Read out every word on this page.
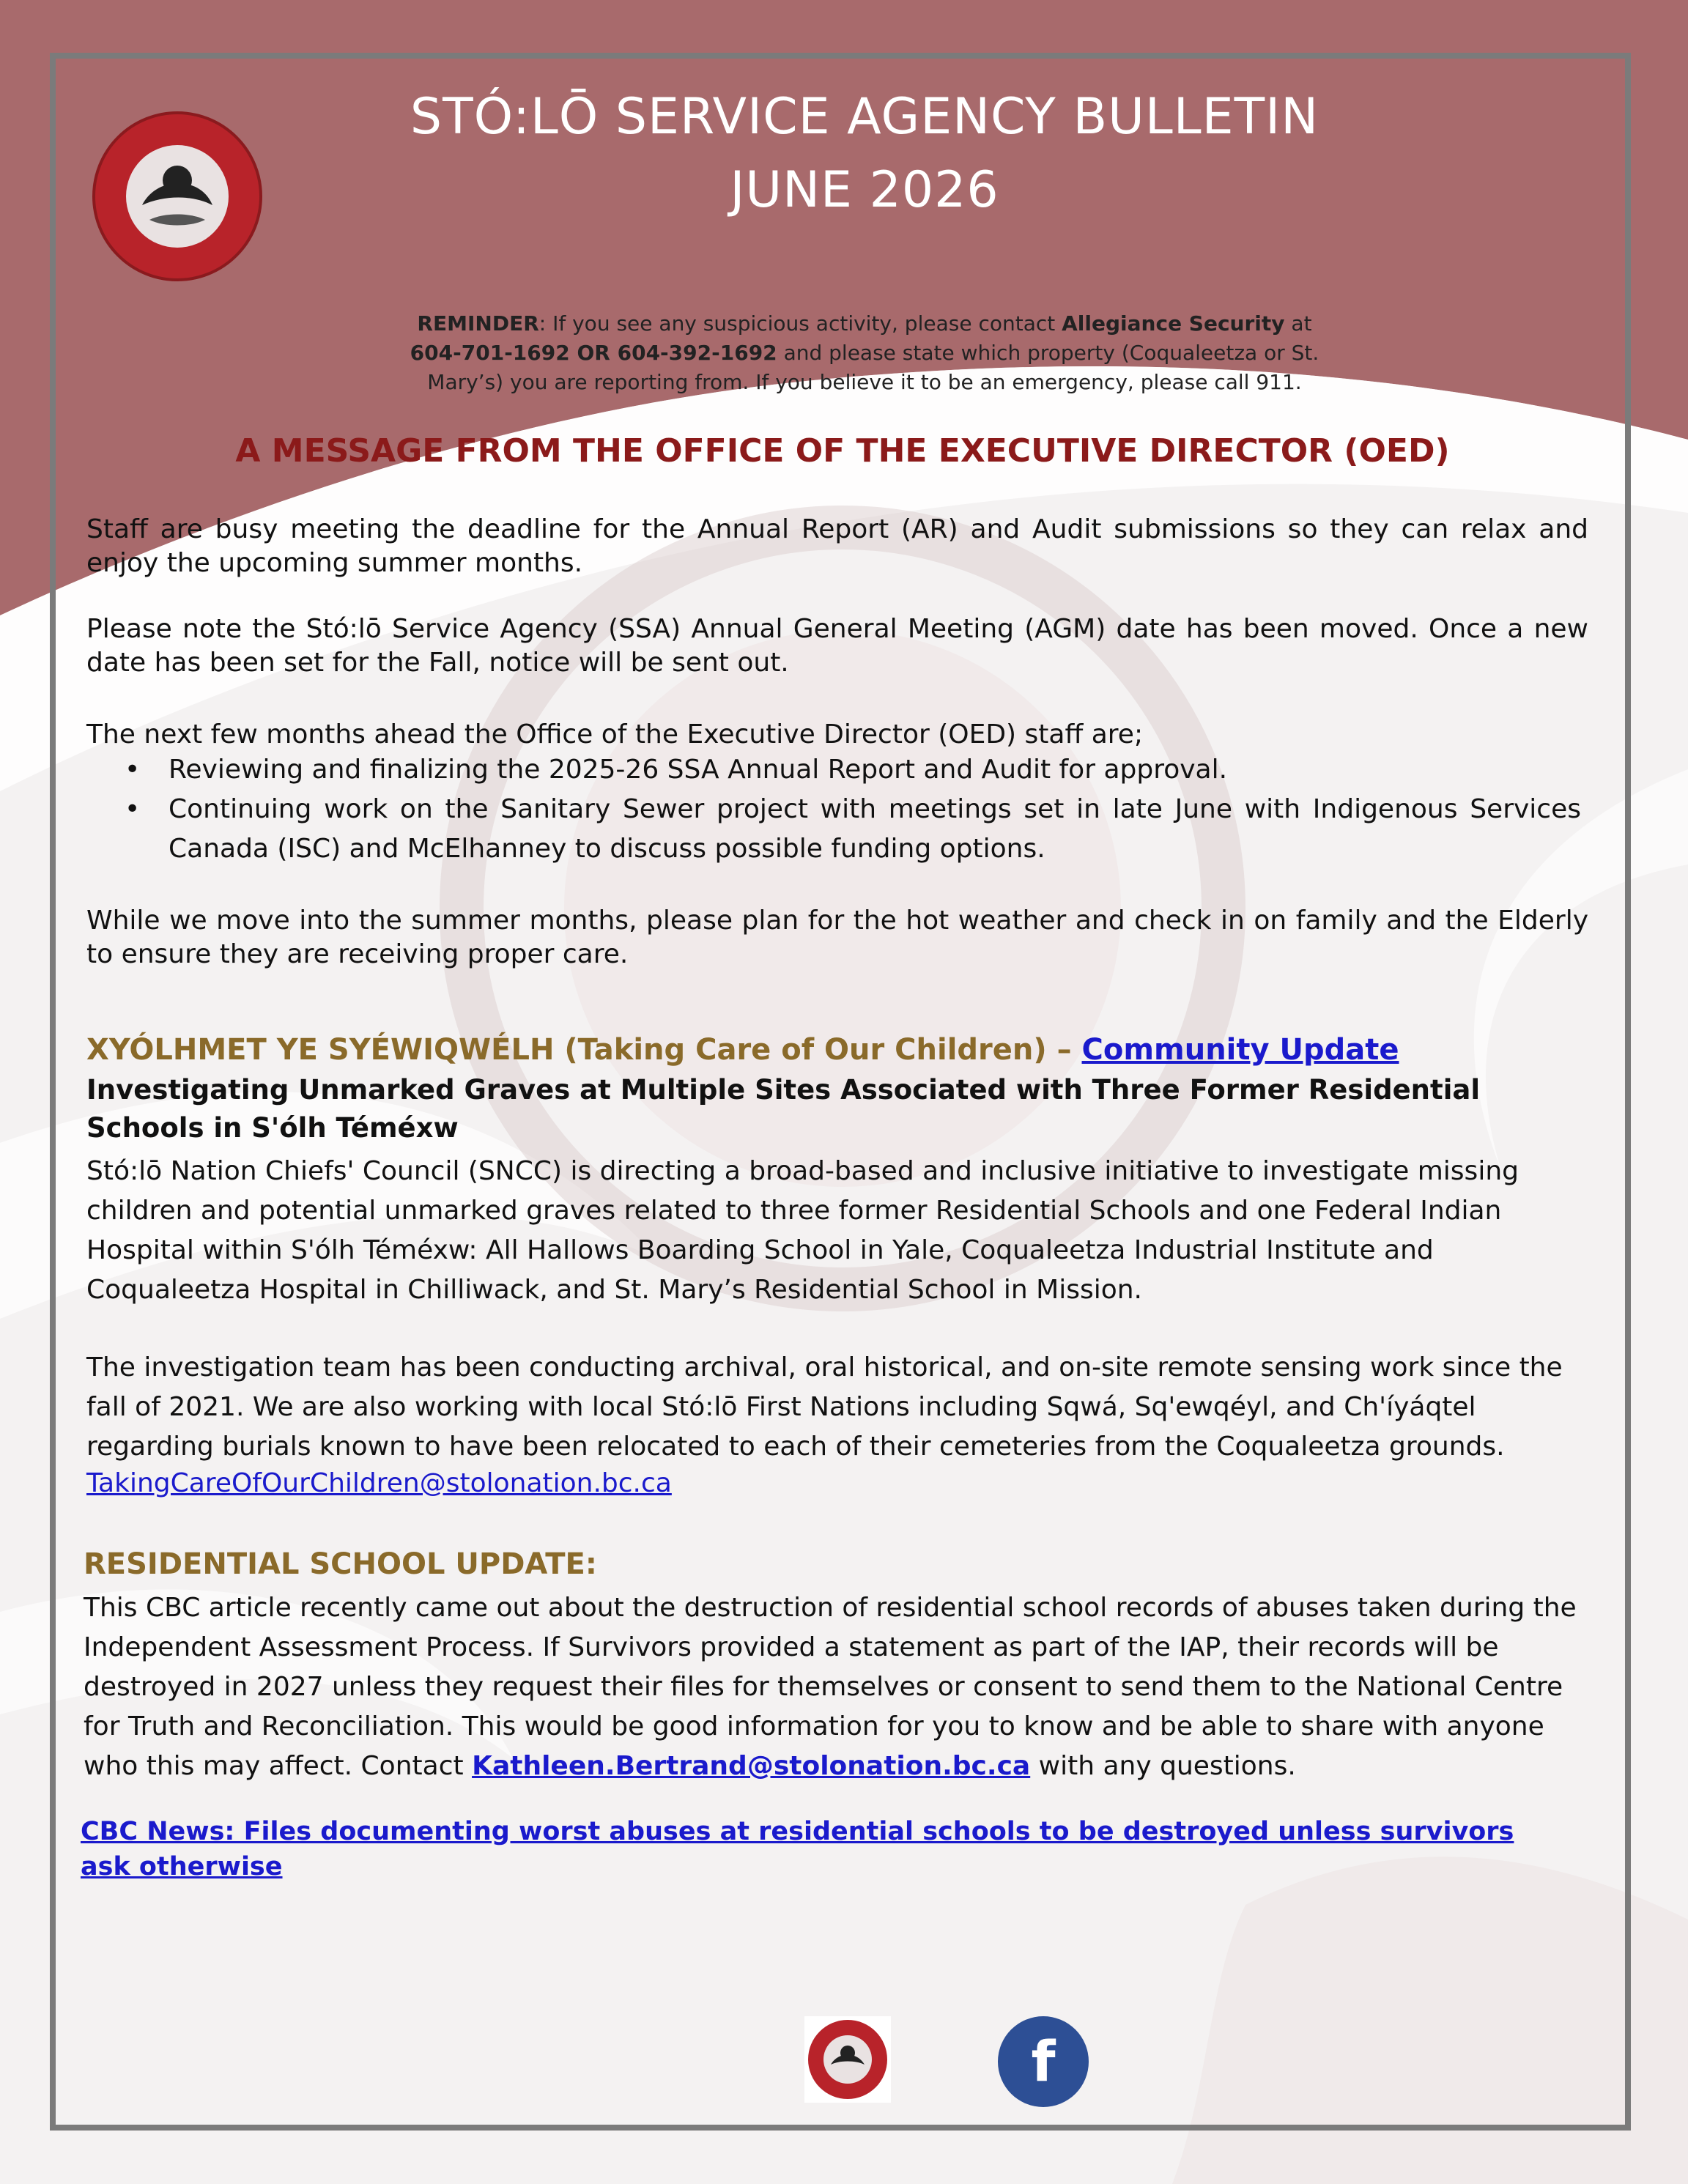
STÓ:LŌ SERVICE AGENCY BULLETIN
JUNE 2026
REMINDER: If you see any suspicious activity, please contact Allegiance Security at
604-701-1692 OR 604-392-1692 and please state which property (Coqualeetza or St.
Mary’s) you are reporting from. If you believe it to be an emergency, please call 911.
A MESSAGE FROM THE OFFICE OF THE EXECUTIVE DIRECTOR (OED)
Staff are busy meeting the deadline for the Annual Report (AR) and Audit submissions so they can relax and enjoy the upcoming summer months.
Please note the Stó:lō Service Agency (SSA) Annual General Meeting (AGM) date has been moved. Once a new date has been set for the Fall, notice will be sent out.
The next few months ahead the Office of the Executive Director (OED) staff are;
• Reviewing and finalizing the 2025-26 SSA Annual Report and Audit for approval.
• Continuing work on the Sanitary Sewer project with meetings set in late June with Indigenous Services Canada (ISC) and McElhanney to discuss possible funding options.
While we move into the summer months, please plan for the hot weather and check in on family and the Elderly to ensure they are receiving proper care.
XYÓLHMET YE SYÉWIQWÉLH (Taking Care of Our Children) – Community Update
Investigating Unmarked Graves at Multiple Sites Associated with Three Former Residential Schools in S'ólh Téméxw
Stó:lō Nation Chiefs' Council (SNCC) is directing a broad-based and inclusive initiative to investigate missing children and potential unmarked graves related to three former Residential Schools and one Federal Indian Hospital within S'ólh Téméxw: All Hallows Boarding School in Yale, Coqualeetza Industrial Institute and Coqualeetza Hospital in Chilliwack, and St. Mary’s Residential School in Mission.
The investigation team has been conducting archival, oral historical, and on-site remote sensing work since the fall of 2021. We are also working with local Stó:lō First Nations including Sqwá, Sq'ewqéyl, and Ch'íyáqtel regarding burials known to have been relocated to each of their cemeteries from the Coqualeetza grounds.
TakingCareOfOurChildren@stolonation.bc.ca
RESIDENTIAL SCHOOL UPDATE:
This CBC article recently came out about the destruction of residential school records of abuses taken during the Independent Assessment Process. If Survivors provided a statement as part of the IAP, their records will be destroyed in 2027 unless they request their files for themselves or consent to send them to the National Centre for Truth and Reconciliation. This would be good information for you to know and be able to share with anyone who this may affect. Contact Kathleen.Bertrand@stolonation.bc.ca with any questions.
CBC News: Files documenting worst abuses at residential schools to be destroyed unless survivors ask otherwise
f
